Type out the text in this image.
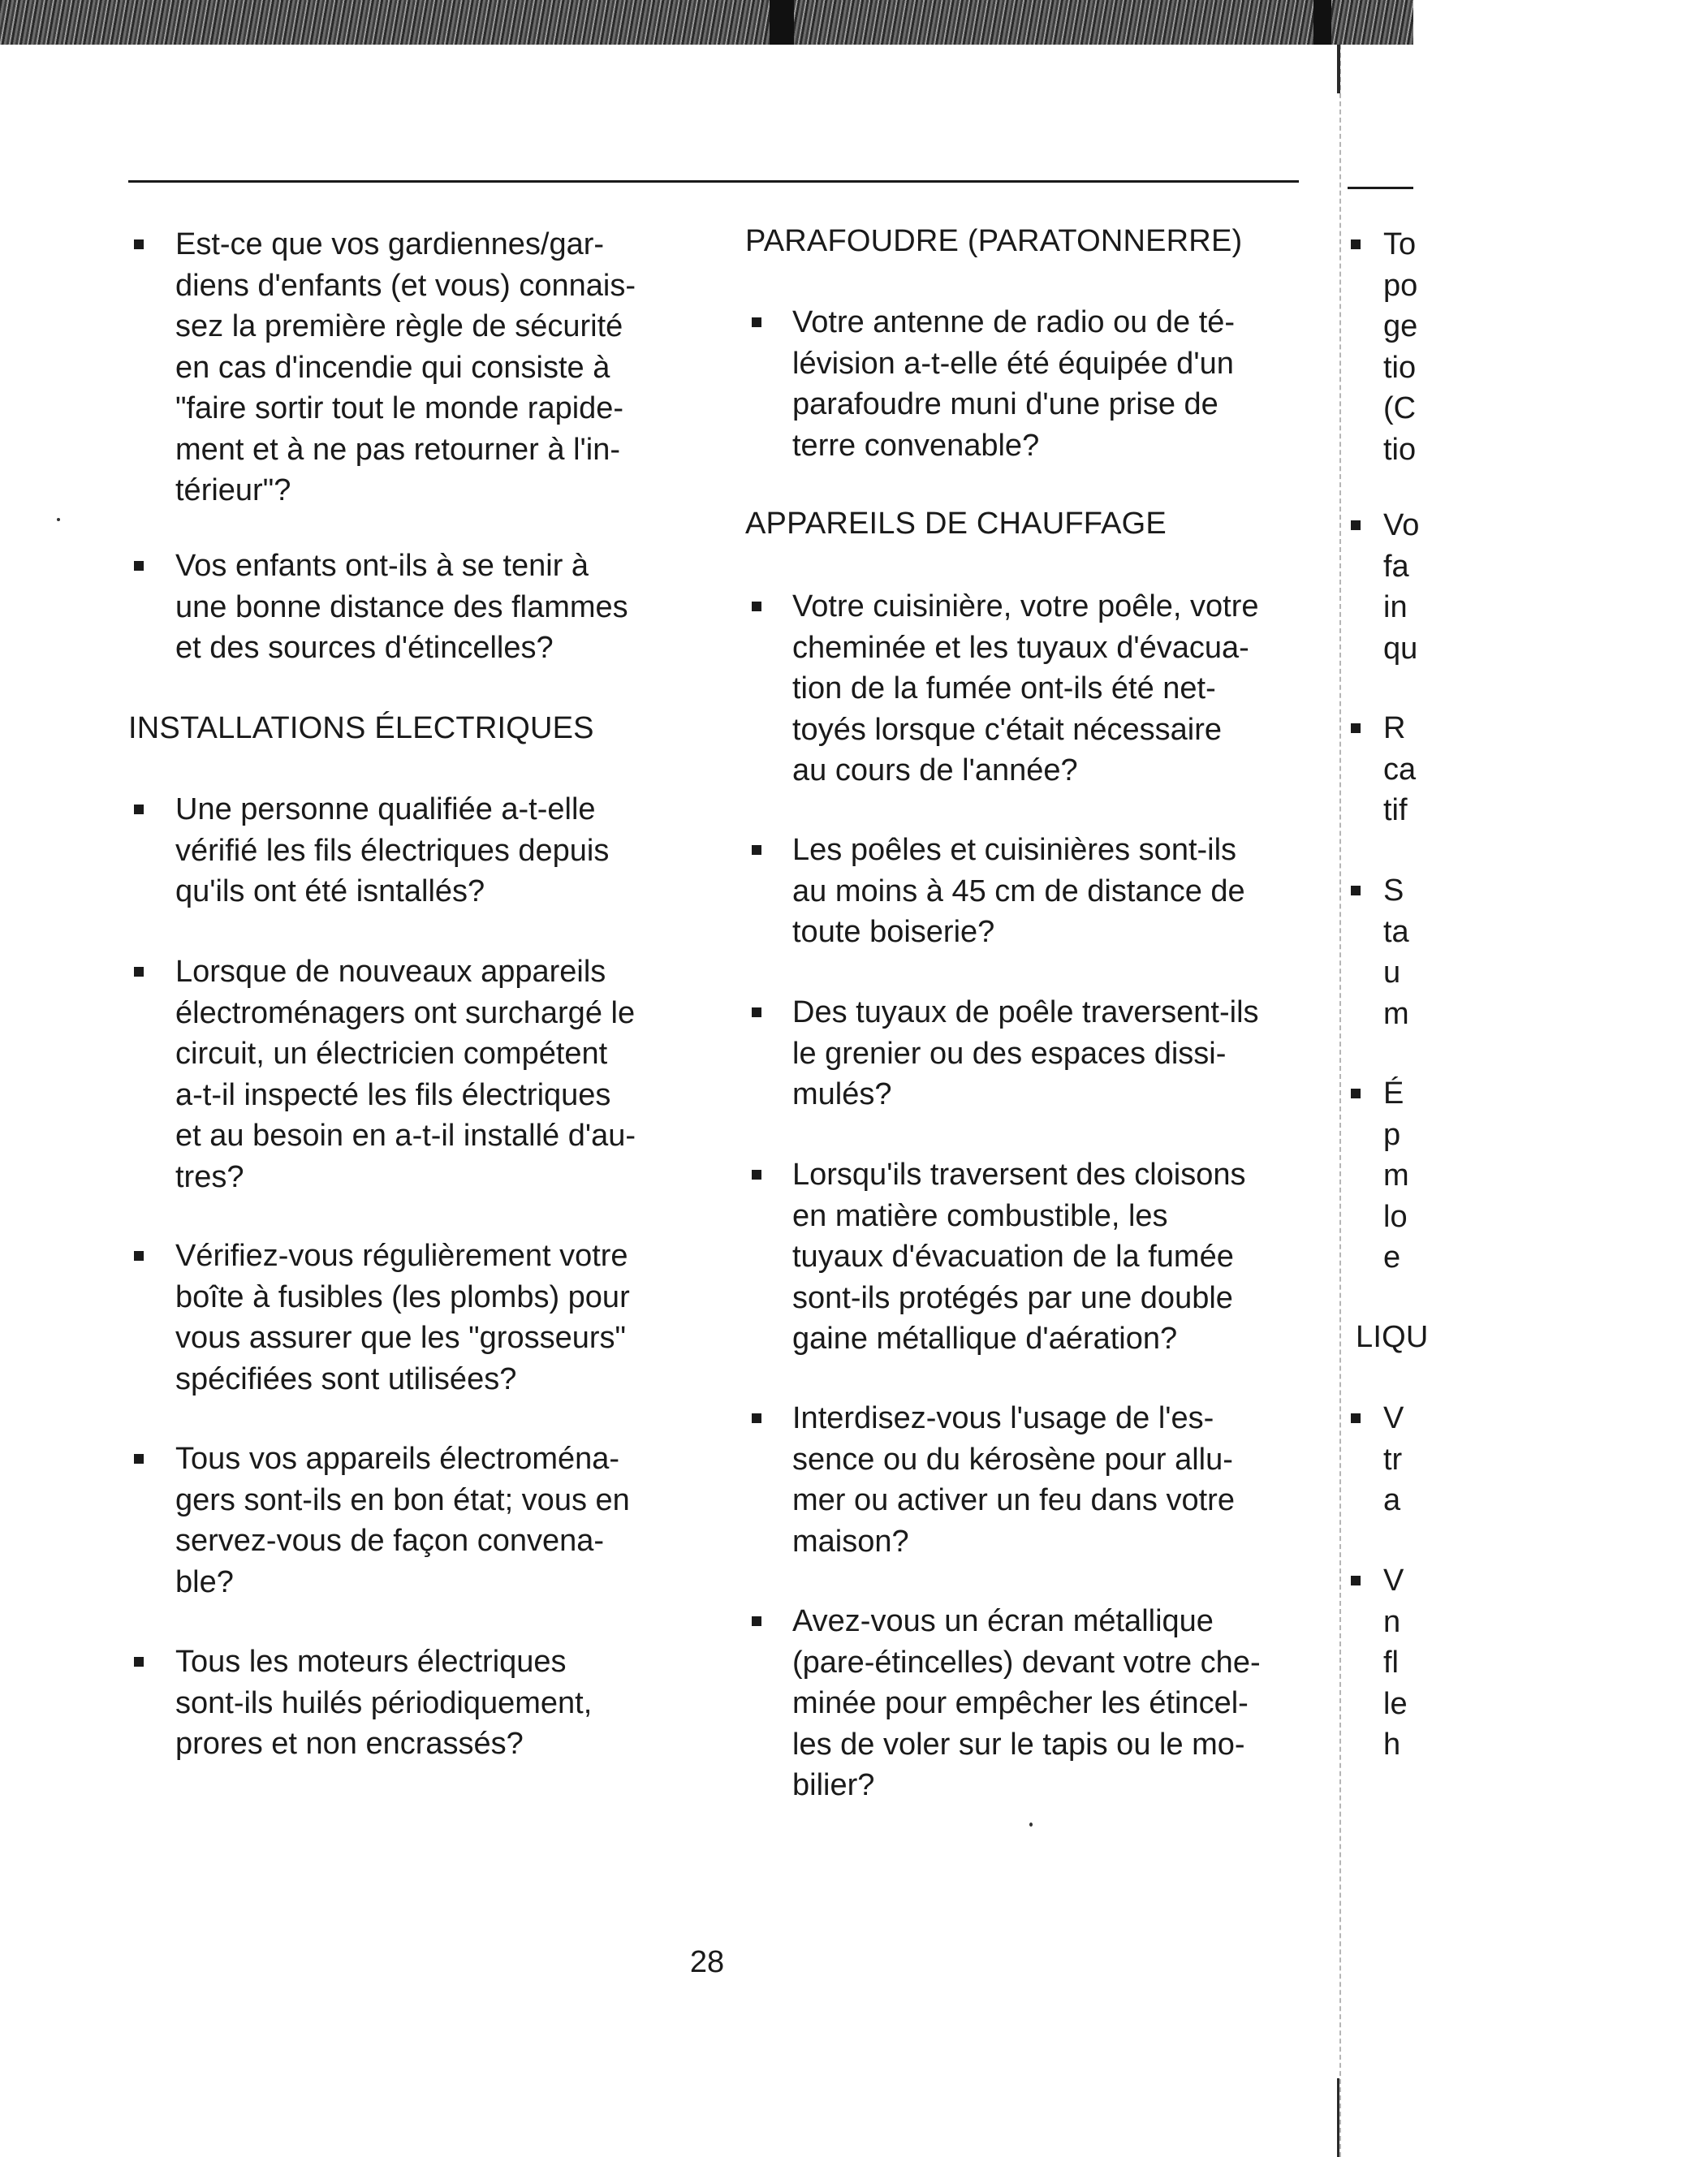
Est-ce que vos gardiennes/gar-
diens d'enfants (et vous) connais-
sez la première règle de sécurité
en cas d'incendie qui consiste à
"faire sortir tout le monde rapide-
ment et à ne pas retourner à l'in-
térieur"?
Vos enfants ont-ils à se tenir à
une bonne distance des flammes
et des sources d'étincelles?
INSTALLATIONS ÉLECTRIQUES
Une personne qualifiée a-t-elle
vérifié les fils électriques depuis
qu'ils ont été isntallés?
Lorsque de nouveaux appareils
électroménagers ont surchargé le
circuit, un électricien compétent
a-t-il inspecté les fils électriques
et au besoin en a-t-il installé d'au-
tres?
Vérifiez-vous régulièrement votre
boîte à fusibles (les plombs) pour
vous assurer que les "grosseurs"
spécifiées sont utilisées?
Tous vos appareils électroména-
gers sont-ils en bon état; vous en
servez-vous de façon convena-
ble?
Tous les moteurs électriques
sont-ils huilés périodiquement,
prores et non encrassés?
PARAFOUDRE (PARATONNERRE)
Votre antenne de radio ou de té-
lévision a-t-elle été équipée d'un
parafoudre muni d'une prise de
terre convenable?
APPAREILS DE CHAUFFAGE
Votre cuisinière, votre poêle, votre
cheminée et les tuyaux d'évacua-
tion de la fumée ont-ils été net-
toyés lorsque c'était nécessaire
au cours de l'année?
Les poêles et cuisinières sont-ils
au moins à 45 cm de distance de
toute boiserie?
Des tuyaux de poêle traversent-ils
le grenier ou des espaces dissi-
mulés?
Lorsqu'ils traversent des cloisons
en matière combustible, les
tuyaux d'évacuation de la fumée
sont-ils protégés par une double
gaine métallique d'aération?
Interdisez-vous l'usage de l'es-
sence ou du kérosène pour allu-
mer ou activer un feu dans votre
maison?
Avez-vous un écran métallique
(pare-étincelles) devant votre che-
minée pour empêcher les étincel-
les de voler sur le tapis ou le mo-
bilier?
To
po
ge
tio
(C
tio
Vo
fa
in
qu
R
ca
tif
S
ta
u
m
É
p
m
lo
e
LIQU
V
tr
a
V
n
fl
le
h
28
